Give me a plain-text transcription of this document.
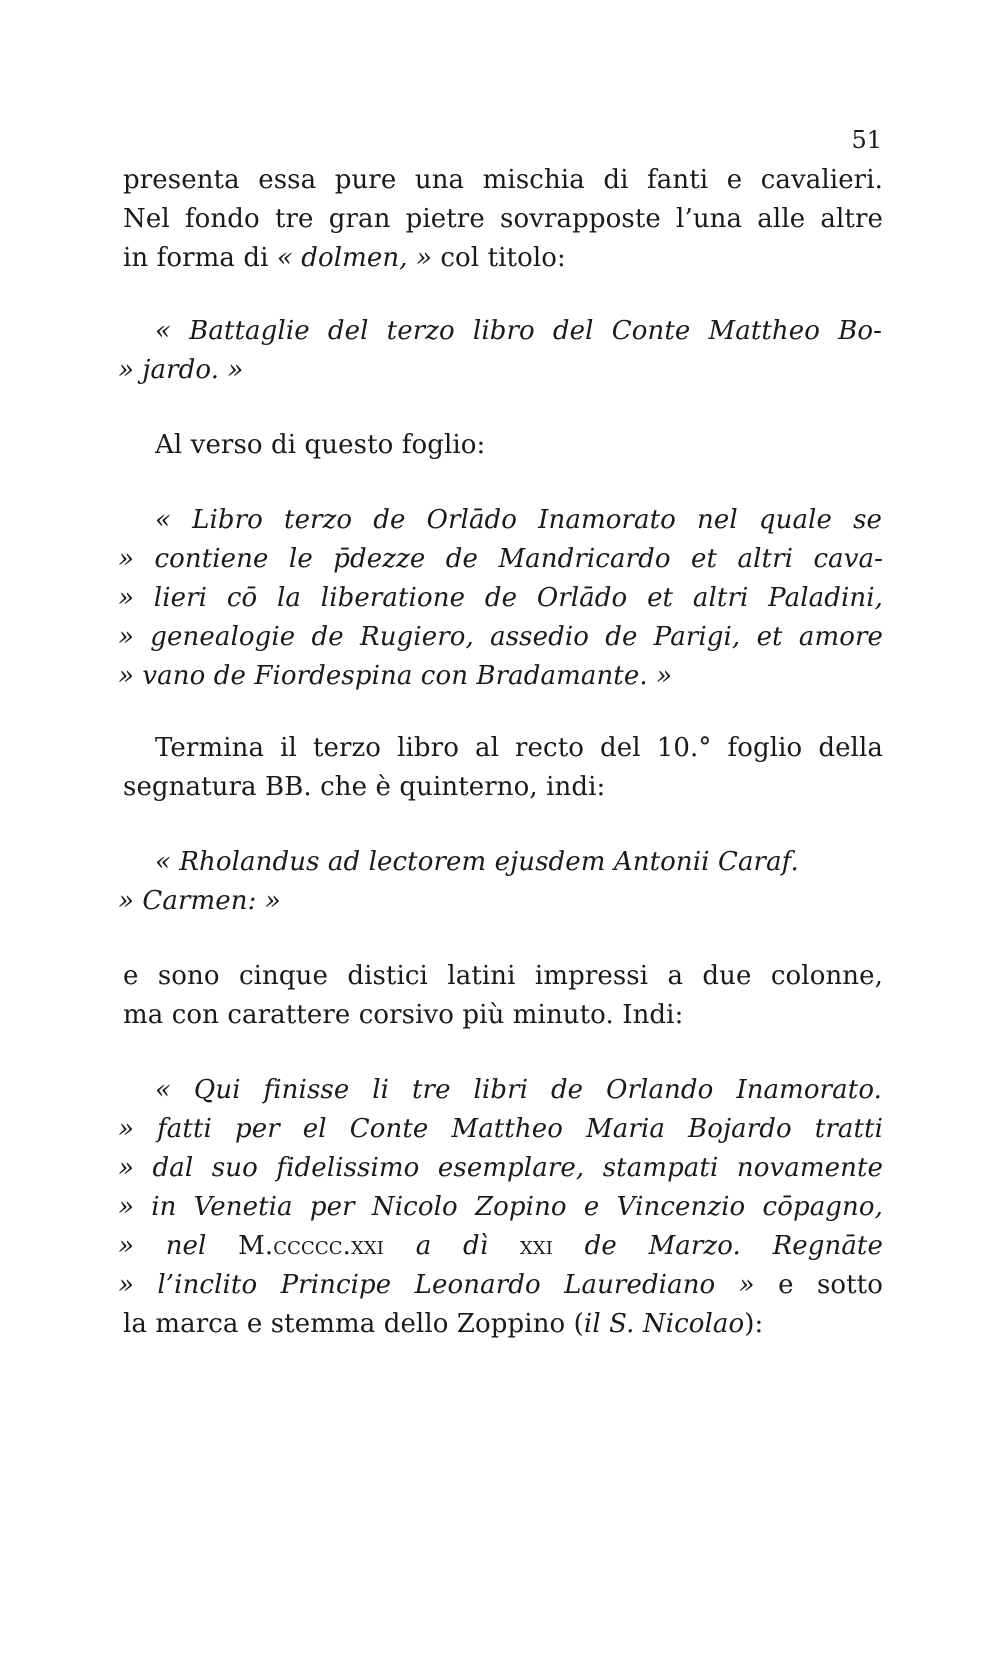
51
presenta essa pure una mischia di fanti e cavalieri.
Nel fondo tre gran pietre sovrapposte l’una alle altre
in forma di « dolmen, » col titolo:
« Battaglie del terzo libro del Conte Mattheo Bo-
» jardo. »
Al verso di questo foglio:
« Libro terzo de Orlādo Inamorato nel quale se
» contiene le p̄dezze de Mandricardo et altri cava-
» lieri cō la liberatione de Orlādo et altri Paladini,
» genealogie de Rugiero, assedio de Parigi, et amore
» vano de Fiordespina con Bradamante. »
Termina il terzo libro al recto del 10.° foglio della
segnatura BB. che è quinterno, indi:
« Rholandus ad lectorem ejusdem Antonii Caraf.
» Carmen: »
e sono cinque distici latini impressi a due colonne,
ma con carattere corsivo più minuto. Indi:
« Qui finisse li tre libri de Orlando Inamorato.
» fatti per el Conte Mattheo Maria Bojardo tratti
» dal suo fidelissimo esemplare, stampati novamente
» in Venetia per Nicolo Zopino e Vincenzio cōpagno,
» nel M.ccccc.xxi a dì xxi de Marzo. Regnāte
» l’inclito Principe Leonardo Laurediano » e sotto
la marca e stemma dello Zoppino (il S. Nicolao):
